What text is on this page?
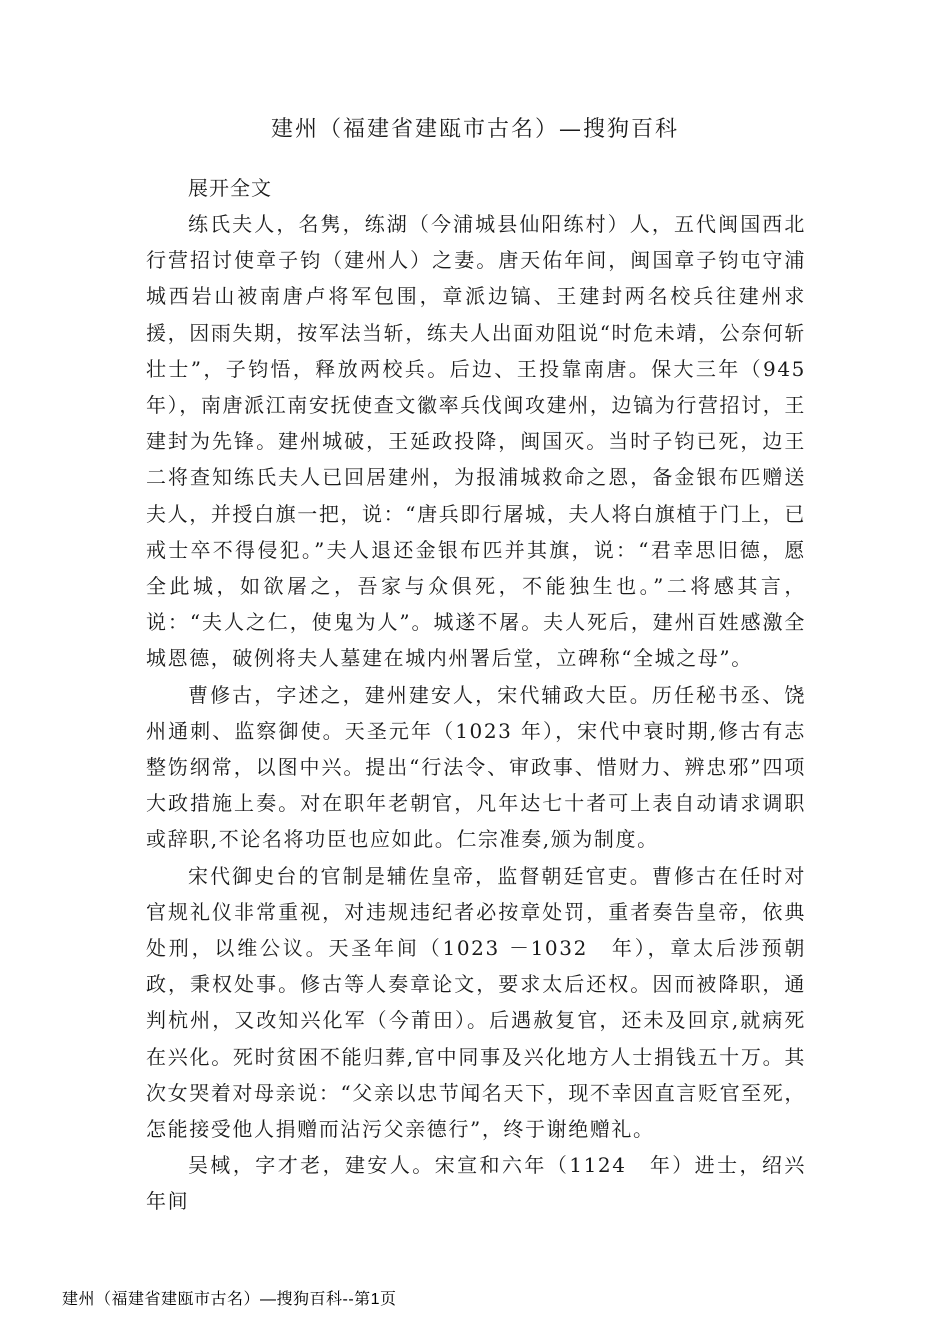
建州（福建省建瓯市古名）—搜狗百科

展开全文

练氏夫人，名隽，练湖（今浦城县仙阳练村）人，五代闽国西北行营招讨使章子钧（建州人）之妻。唐天佑年间，闽国章子钧屯守浦城西岩山被南唐卢将军包围，章派边镐、王建封两名校兵往建州求援，因雨失期，按军法当斩，练夫人出面劝阻说“时危未靖，公奈何斩壮士”，子钧悟，释放两校兵。后边、王投靠南唐。保大三年（945年），南唐派江南安抚使查文徽率兵伐闽攻建州，边镐为行营招讨，王建封为先锋。建州城破，王延政投降，闽国灭。当时子钧已死，边王二将查知练氏夫人已回居建州，为报浦城救命之恩，备金银布匹赠送夫人，并授白旗一把，说：“唐兵即行屠城，夫人将白旗植于门上，已戒士卒不得侵犯。”夫人退还金银布匹并其旗，说：“君幸思旧德，愿全此城，如欲屠之，吾家与众俱死，不能独生也。”二将感其言，说：“夫人之仁，使鬼为人”。城遂不屠。夫人死后，建州百姓感激全城恩德，破例将夫人墓建在城内州署后堂，立碑称“全城之母”。

曹修古，字述之，建州建安人，宋代辅政大臣。历任秘书丞、饶州通刺、监察御使。天圣元年（1023 年），宋代中衰时期,修古有志整饬纲常，以图中兴。提出“行法令、审政事、惜财力、辨忠邪”四项大政措施上奏。对在职年老朝官，凡年达七十者可上表自动请求调职或辞职,不论名将功臣也应如此。仁宗准奏,颁为制度。

宋代御史台的官制是辅佐皇帝，监督朝廷官吏。曹修古在任时对官规礼仪非常重视，对违规违纪者必按章处罚，重者奏告皇帝，依典处刑，以维公议。天圣年间（1023 －1032　年），章太后涉预朝政，秉权处事。修古等人奏章论文，要求太后还权。因而被降职，通判杭州，又改知兴化军（今莆田）。后遇赦复官，还未及回京,就病死在兴化。死时贫困不能归葬,官中同事及兴化地方人士捐钱五十万。其次女哭着对母亲说：“父亲以忠节闻名天下，现不幸因直言贬官至死，怎能接受他人捐赠而沾污父亲德行”，终于谢绝赠礼。

吴棫，字才老，建安人。宋宣和六年（1124　年）进士，绍兴年间

建州（福建省建瓯市古名）—搜狗百科--第1页
